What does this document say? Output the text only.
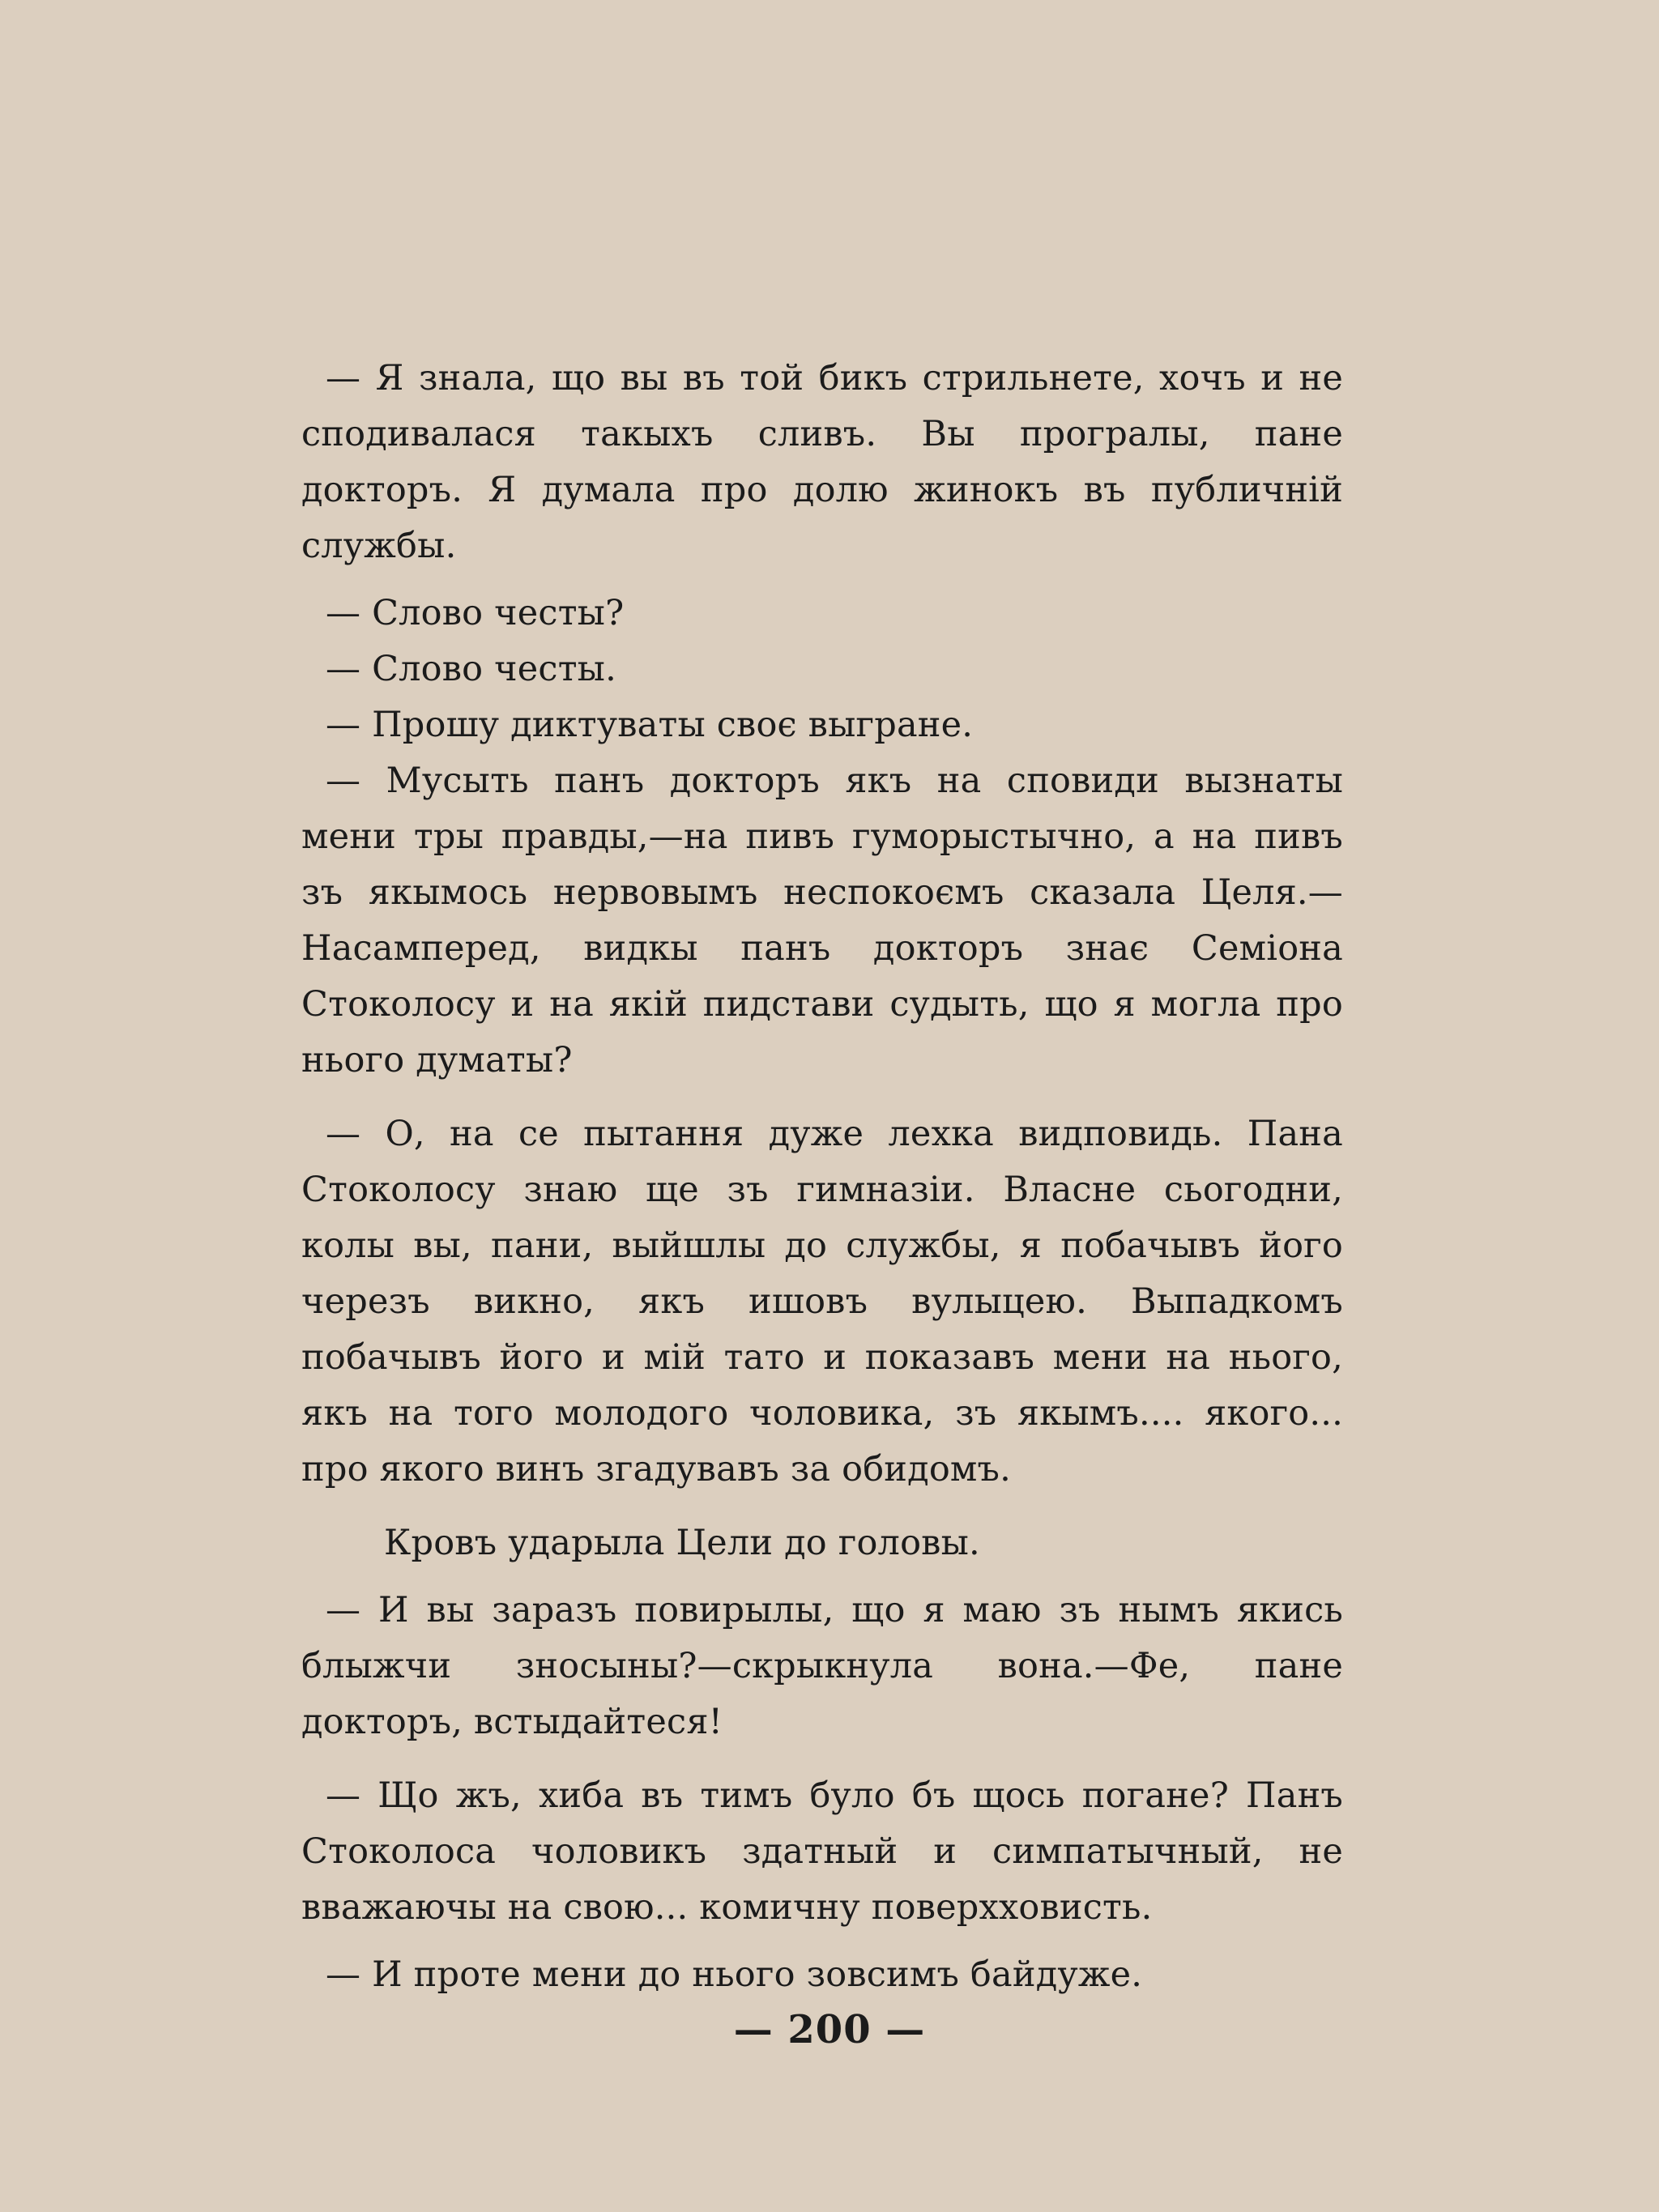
— Я знала, що вы въ той бикъ стрильнете, хочъ и не сподивалася такыхъ сливъ. Вы програлы, пане докторъ. Я думала про долю жинокъ въ публичній службы.

— Слово честы?

— Слово честы.

— Прошу диктуваты своє выгране.

— Мусыть панъ докторъ якъ на сповиди вызнаты мени тры правды,—на пивъ гуморыстычно, а на пивъ зъ якымось нервовымъ неспокоємъ сказала Целя.—Насамперед, видкы панъ докторъ знає Семіона Стоколосу и на якій пидстави судыть, що я могла про нього думаты?

— О, на се пытання дуже лехка видповидь. Пана Стоколосу знаю ще зъ гимназіи. Власне сьогодни, колы вы, пани, выйшлы до службы, я побачывъ його черезъ викно, якъ ишовъ вулыцею. Выпадкомъ побачывъ його и мій тато и показавъ мени на нього, якъ на того молодого чоловика, зъ якымъ.... якого... про якого винъ згадувавъ за обидомъ.

Кровъ ударыла Цели до головы.

— И вы заразъ повирылы, що я маю зъ нымъ якись блыжчи зносыны?—скрыкнула вона.—Фе, пане докторъ, встыдайтеся!

— Що жъ, хиба въ тимъ було бъ щось погане? Панъ Стоколоса чоловикъ здатный и симпатычный, не вважаючы на свою... комичну поверхховисть.

— И проте мени до нього зовсимъ байдуже.

— 200 —
